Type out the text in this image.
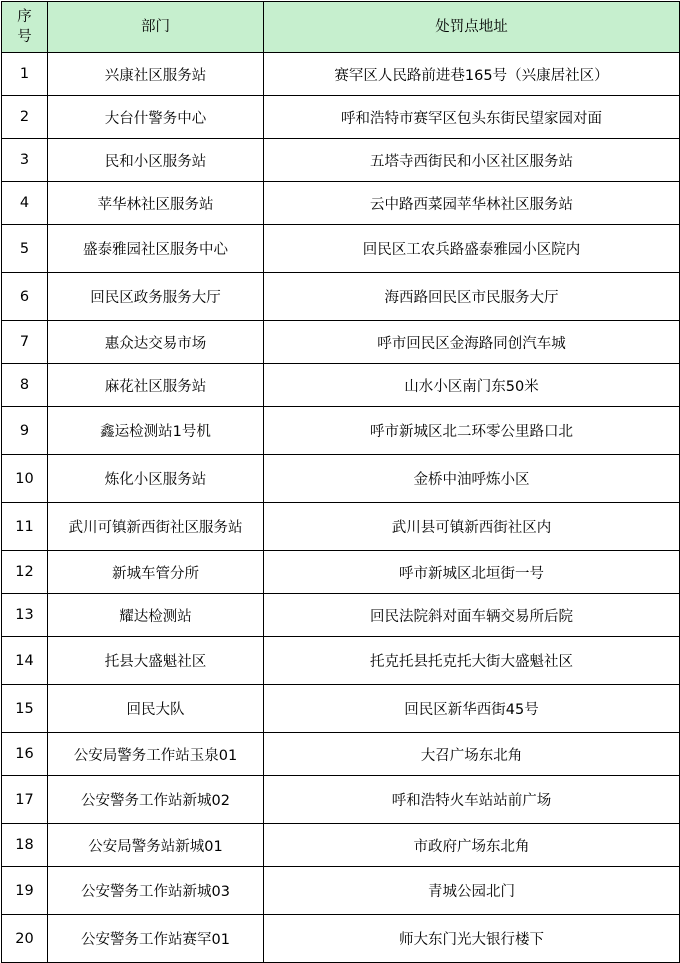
序号	部门	处罚点地址
1	兴康社区服务站	赛罕区人民路前进巷165号（兴康居社区）
2	大台什警务中心	呼和浩特市赛罕区包头东街民望家园对面
3	民和小区服务站	五塔寺西街民和小区社区服务站
4	苹华林社区服务站	云中路西菜园苹华林社区服务站
5	盛泰雅园社区服务中心	回民区工农兵路盛泰雅园小区院内
6	回民区政务服务大厅	海西路回民区市民服务大厅
7	惠众达交易市场	呼市回民区金海路同创汽车城
8	麻花社区服务站	山水小区南门东50米
9	鑫运检测站1号机	呼市新城区北二环零公里路口北
10	炼化小区服务站	金桥中油呼炼小区
11	武川可镇新西街社区服务站	武川县可镇新西街社区内
12	新城车管分所	呼市新城区北垣街一号
13	耀达检测站	回民法院斜对面车辆交易所后院
14	托县大盛魁社区	托克托县托克托大街大盛魁社区
15	回民大队	回民区新华西街45号
16	公安局警务工作站玉泉01	大召广场东北角
17	公安警务工作站新城02	呼和浩特火车站站前广场
18	公安局警务站新城01	市政府广场东北角
19	公安警务工作站新城03	青城公园北门
20	公安警务工作站赛罕01	师大东门光大银行楼下
